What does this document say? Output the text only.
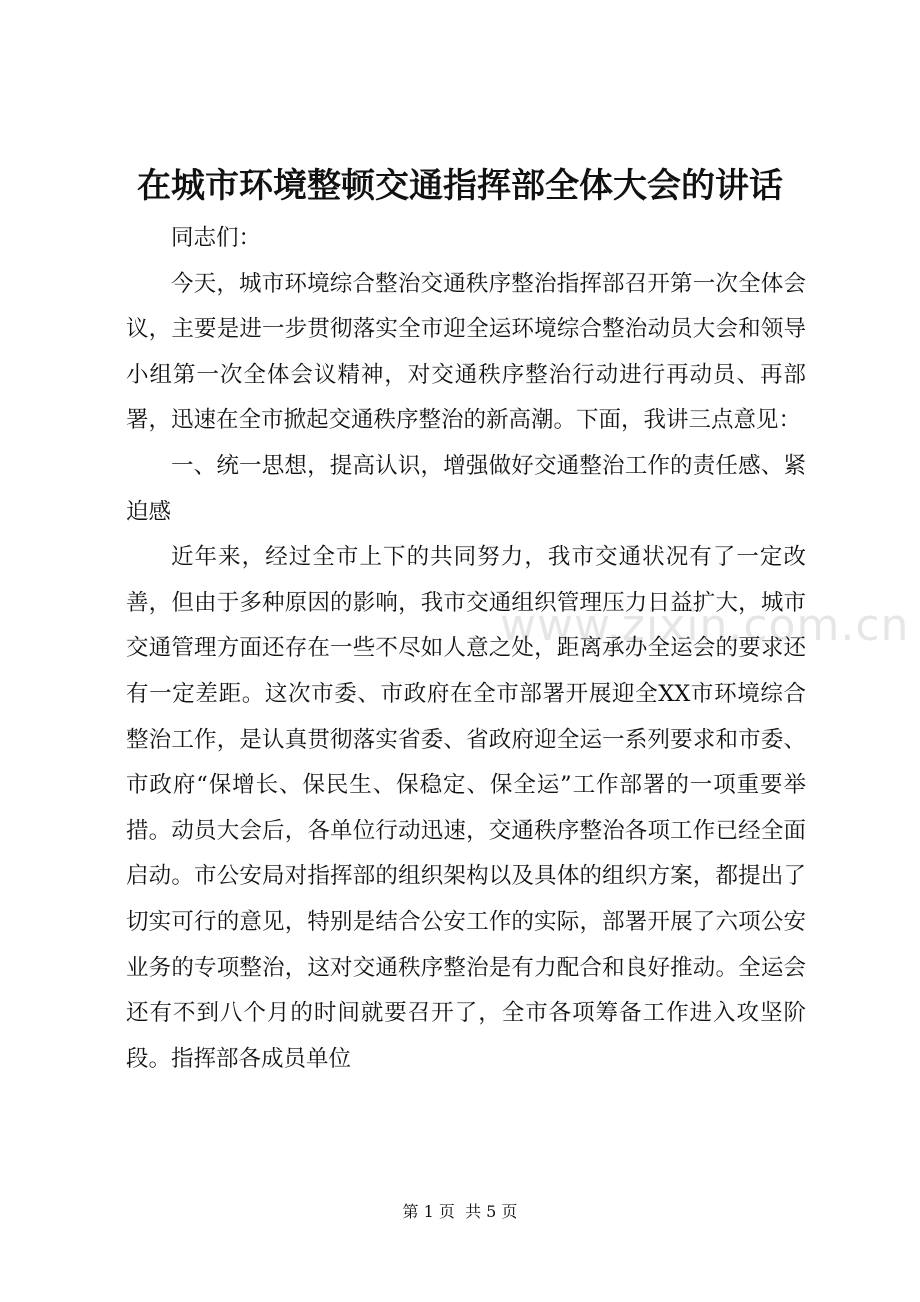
www.zixin.com.cn
在城市环境整顿交通指挥部全体大会的讲话

同志们：

今天，城市环境综合整治交通秩序整治指挥部召开第一次全体会议，主要是进一步贯彻落实全市迎全运环境综合整治动员大会和领导小组第一次全体会议精神，对交通秩序整治行动进行再动员、再部署，迅速在全市掀起交通秩序整治的新高潮。下面，我讲三点意见：

一、统一思想，提高认识，增强做好交通整治工作的责任感、紧迫感

近年来，经过全市上下的共同努力，我市交通状况有了一定改善，但由于多种原因的影响，我市交通组织管理压力日益扩大，城市交通管理方面还存在一些不尽如人意之处，距离承办全运会的要求还有一定差距。这次市委、市政府在全市部署开展迎全XX市环境综合整治工作，是认真贯彻落实省委、省政府迎全运一系列要求和市委、市政府“保增长、保民生、保稳定、保全运”工作部署的一项重要举措。动员大会后，各单位行动迅速，交通秩序整治各项工作已经全面启动。市公安局对指挥部的组织架构以及具体的组织方案，都提出了切实可行的意见，特别是结合公安工作的实际，部署开展了六项公安业务的专项整治，这对交通秩序整治是有力配合和良好推动。全运会还有不到八个月的时间就要召开了，全市各项筹备工作进入攻坚阶段。指挥部各成员单位

第 1 页  共 5 页
